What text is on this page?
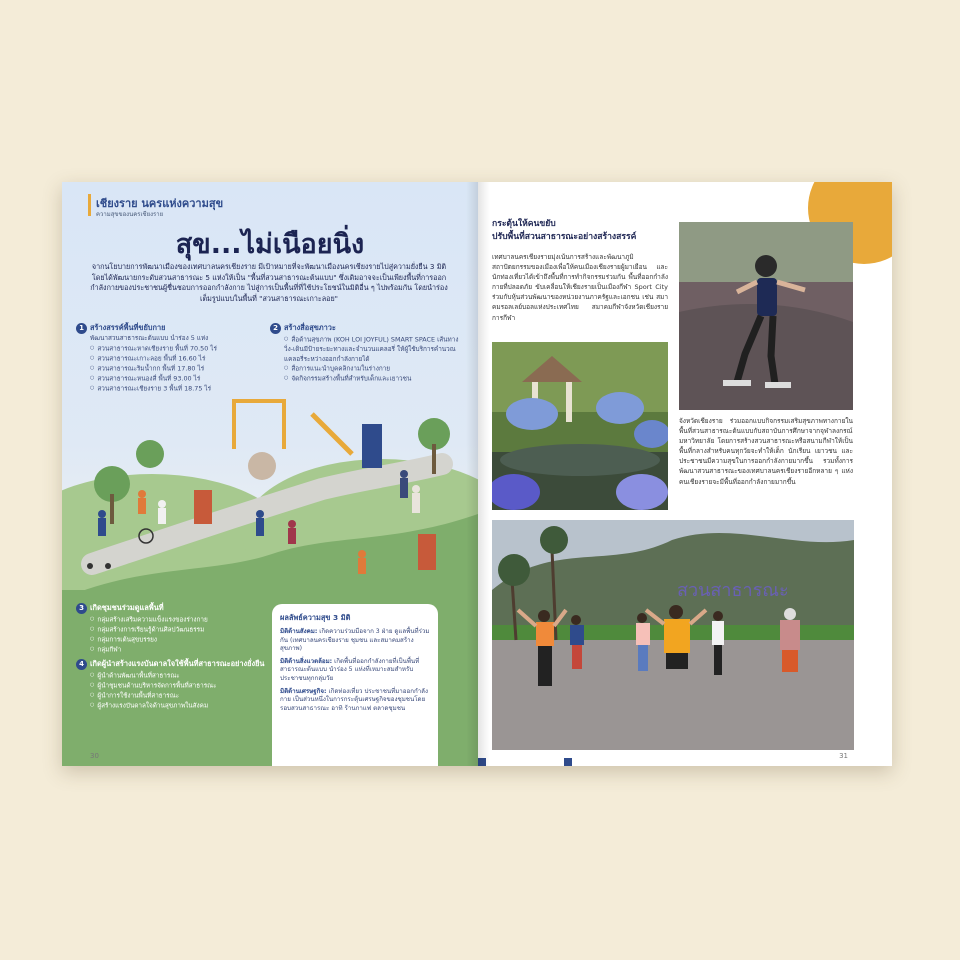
เชียงราย นครแห่งความสุข
ความสุขของนครเชียงราย
สุข...ไม่เนือยนิ่ง
จากนโยบายการพัฒนาเมืองของเทศบาลนครเชียงราย มีเป้าหมายที่จะพัฒนาเมืองนครเชียงรายไปสู่ความยั่งยืน 3 มิติ โดยได้พัฒนายกระดับสวนสาธารณะ 5 แห่งให้เป็น "พื้นที่สวนสาธารณะต้นแบบ" ซึ่งเดิมอาจจะเป็นเพียงพื้นที่การออกกำลังกายของประชาชนผู้ชื่นชอบการออกกำลังกาย ไปสู่การเป็นพื้นที่ที่ใช้ประโยชน์ในมิติอื่น ๆ ไปพร้อมกัน โดยนำร่องเต็มรูปแบบในพื้นที่ "สวนสาธารณะเกาะลอย"
1 สร้างสรรค์พื้นที่ขยับกาย
พัฒนาสวนสาธารณะต้นแบบ นำร่อง 5 แห่ง
○ สวนสาธารณะหาดเชียงราย พื้นที่ 70.50 ไร่
○ สวนสาธารณะเกาะลอย พื้นที่ 16.60 ไร่
○ สวนสาธารณะริมน้ำกก พื้นที่ 17.80 ไร่
○ สวนสาธารณะหนองสี่ พื้นที่ 93.00 ไร่
○ สวนสาธารณะเชียงราย 3 พื้นที่ 18.75 ไร่
2 สร้างสื่อสุขภาวะ
○ สื่อด้านสุขภาพ (KOH LOI JOYFUL) SMART SPACE เส้นทางวิ่ง-เดินมีป้ายระยะทางและจำนวนแคลอรี่ ให้ผู้ใช้บริการคำนวณแคลอรี่ระหว่างออกกำลังกายได้
○ สื่อการแนะนำบุคคลิกงามในร่างกาย
○ จัดกิจกรรมสร้างพื้นที่สำหรับเด็กและเยาวชน
3 เกิดชุมชนร่วมดูแลพื้นที่
○ กลุ่มสร้างเสริมความแข็งแรงของร่างกาย
○ กลุ่มสร้างการเรียนรู้ด้านศิลปวัฒนธรรม
○ กลุ่มการเต้นสุขบรรยง
○ กลุ่มกีฬา
4 เกิดผู้นำสร้างแรงบันดาลใจใช้พื้นที่สาธารณะอย่างยั่งยืน
○ ผู้นำด้านพัฒนาพื้นที่สาธารณะ
○ ผู้นำชุมชนด้านบริหารจัดการพื้นที่สาธารณะ
○ ผู้นำการใช้งานพื้นที่สาธารณะ
○ ผู้สร้างแรงบันดาลใจด้านสุขภาพในสังคม
ผลลัพธ์ความสุข 3 มิติ
มิติด้านสังคม: เกิดความร่วมมือจาก 3 ฝ่าย ดูแลพื้นที่ร่วมกัน (เทศบาลนครเชียงราย ชุมชน และสมาคมสร้างสุขภาพ)
มิติด้านสิ่งแวดล้อม: เกิดพื้นที่ออกกำลังกายที่เป็นพื้นที่สาธารณะต้นแบบ นำร่อง 5 แห่งที่เหมาะสมสำหรับประชาชนทุกกลุ่มวัย
มิติด้านเศรษฐกิจ: เกิดท่องเที่ยว ประชาชนที่มาออกกำลังกาย เป็นส่วนหนึ่งในการกระตุ้นเศรษฐกิจของชุมชนโดยรอบสวนสาธารณะ อาทิ ร้านกาแฟ ตลาดชุมชน
30
กระตุ้นให้คนขยับ
ปรับพื้นที่สวนสาธารณะอย่างสร้างสรรค์
เทศบาลนครเชียงรายมุ่งเน้นการสร้างและพัฒนาภูมิสถาปัตยกรรมของเมืองเพื่อให้คนเมืองเชียงรายผู้มาเยือน และนักท่องเที่ยวได้เข้าถึงพื้นที่การทำกิจกรรมร่วมกัน พื้นที่ออกกำลังกายที่ปลอดภัย ขับเคลื่อนให้เชียงรายเป็นเมืองกีฬา Sport City ร่วมกับหุ้นส่วนพัฒนาของหน่วยงานภาครัฐและเอกชน เช่น สมาคมรอลเลย์บอลแห่งประเทศไทย สมาคมกีฬาจังหวัดเชียงราย การกีฬา
จังหวัดเชียงราย ร่วมออกแบบกิจกรรมเสริมสุขภาพทางกายในพื้นที่สวนสาธารณะต้นแบบกับสถาบันการศึกษาจากจุฬาลงกรณ์มหาวิทยาลัย โดยการสร้างสวนสาธารณะหรือสนามกีฬาให้เป็นพื้นที่กลางสำหรับคนทุกวัยจะทำให้เด็ก นักเรียน เยาวชน และประชาชนมีความสุขในการออกกำลังกายมากขึ้น รวมทั้งการพัฒนาสวนสาธารณะของเทศบาลนครเชียงรายอีกหลาย ๆ แห่ง คนเชียงรายจะมีพื้นที่ออกกำลังกายมากขึ้น
สวนสาธารณะ
31
